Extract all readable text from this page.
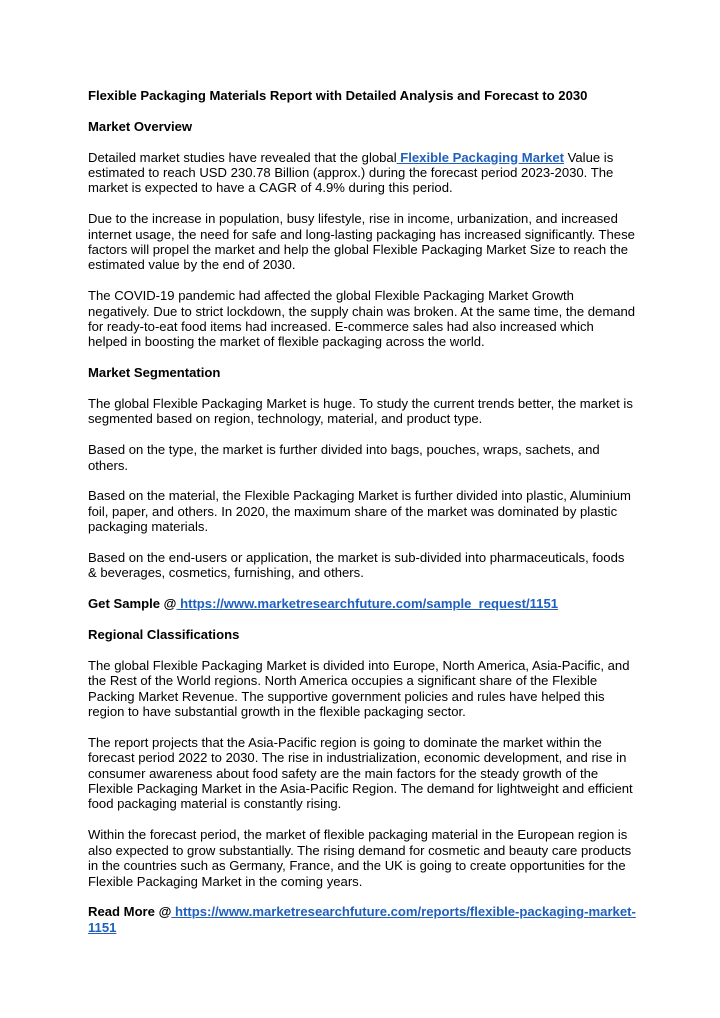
Flexible Packaging Materials Report with Detailed Analysis and Forecast to 2030

Market Overview

Detailed market studies have revealed that the global Flexible Packaging Market Value is estimated to reach USD 230.78 Billion (approx.) during the forecast period 2023-2030. The market is expected to have a CAGR of 4.9% during this period.

Due to the increase in population, busy lifestyle, rise in income, urbanization, and increased internet usage, the need for safe and long-lasting packaging has increased significantly. These factors will propel the market and help the global Flexible Packaging Market Size to reach the estimated value by the end of 2030.

The COVID-19 pandemic had affected the global Flexible Packaging Market Growth negatively. Due to strict lockdown, the supply chain was broken. At the same time, the demand for ready-to-eat food items had increased. E-commerce sales had also increased which helped in boosting the market of flexible packaging across the world.

Market Segmentation

The global Flexible Packaging Market is huge. To study the current trends better, the market is segmented based on region, technology, material, and product type.

Based on the type, the market is further divided into bags, pouches, wraps, sachets, and others.

Based on the material, the Flexible Packaging Market is further divided into plastic, Aluminium foil, paper, and others. In 2020, the maximum share of the market was dominated by plastic packaging materials.

Based on the end-users or application, the market is sub-divided into pharmaceuticals, foods & beverages, cosmetics, furnishing, and others.

Get Sample @ https://www.marketresearchfuture.com/sample_request/1151

Regional Classifications

The global Flexible Packaging Market is divided into Europe, North America, Asia-Pacific, and the Rest of the World regions. North America occupies a significant share of the Flexible Packing Market Revenue. The supportive government policies and rules have helped this region to have substantial growth in the flexible packaging sector.

The report projects that the Asia-Pacific region is going to dominate the market within the forecast period 2022 to 2030. The rise in industrialization, economic development, and rise in consumer awareness about food safety are the main factors for the steady growth of the Flexible Packaging Market in the Asia-Pacific Region. The demand for lightweight and efficient food packaging material is constantly rising.

Within the forecast period, the market of flexible packaging material in the European region is also expected to grow substantially. The rising demand for cosmetic and beauty care products in the countries such as Germany, France, and the UK is going to create opportunities for the Flexible Packaging Market in the coming years.

Read More @ https://www.marketresearchfuture.com/reports/flexible-packaging-market-1151
